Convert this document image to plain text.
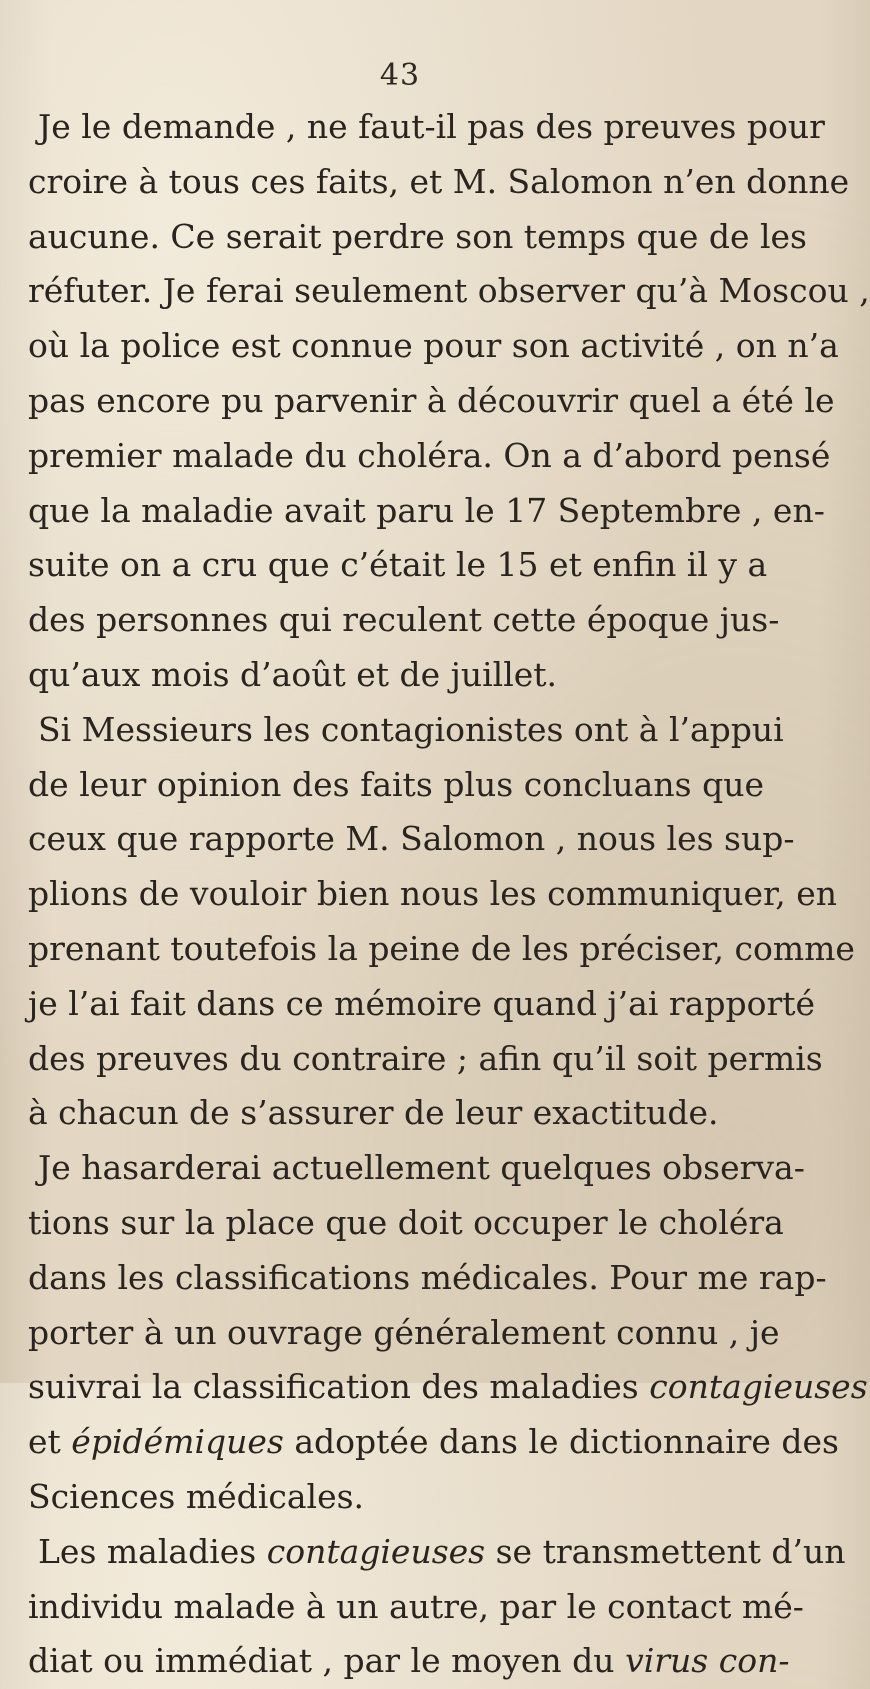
43
Je le demande , ne faut-il pas des preuves pour
croire à tous ces faits, et M. Salomon n’en donne
aucune. Ce serait perdre son temps que de les
réfuter. Je ferai seulement observer qu’à Moscou ,
où la police est connue pour son activité , on n’a
pas encore pu parvenir à découvrir quel a été le
premier malade du choléra. On a d’abord pensé
que la maladie avait paru le 17 Septembre , en-
suite on a cru que c’était le 15 et enfin il y a
des personnes qui reculent cette époque jus-
qu’aux mois d’août et de juillet.
Si Messieurs les contagionistes ont à l’appui
de leur opinion des faits plus concluans que
ceux que rapporte M. Salomon , nous les sup-
plions de vouloir bien nous les communiquer, en
prenant toutefois la peine de les préciser, comme
je l’ai fait dans ce mémoire quand j’ai rapporté
des preuves du contraire ; afin qu’il soit permis
à chacun de s’assurer de leur exactitude.
Je hasarderai actuellement quelques observa-
tions sur la place que doit occuper le choléra
dans les classifications médicales. Pour me rap-
porter à un ouvrage généralement connu , je
suivrai la classification des maladies contagieuses
et épidémiques adoptée dans le dictionnaire des
Sciences médicales.
Les maladies contagieuses se transmettent d’un
individu malade à un autre, par le contact mé-
diat ou immédiat , par le moyen du virus con-
